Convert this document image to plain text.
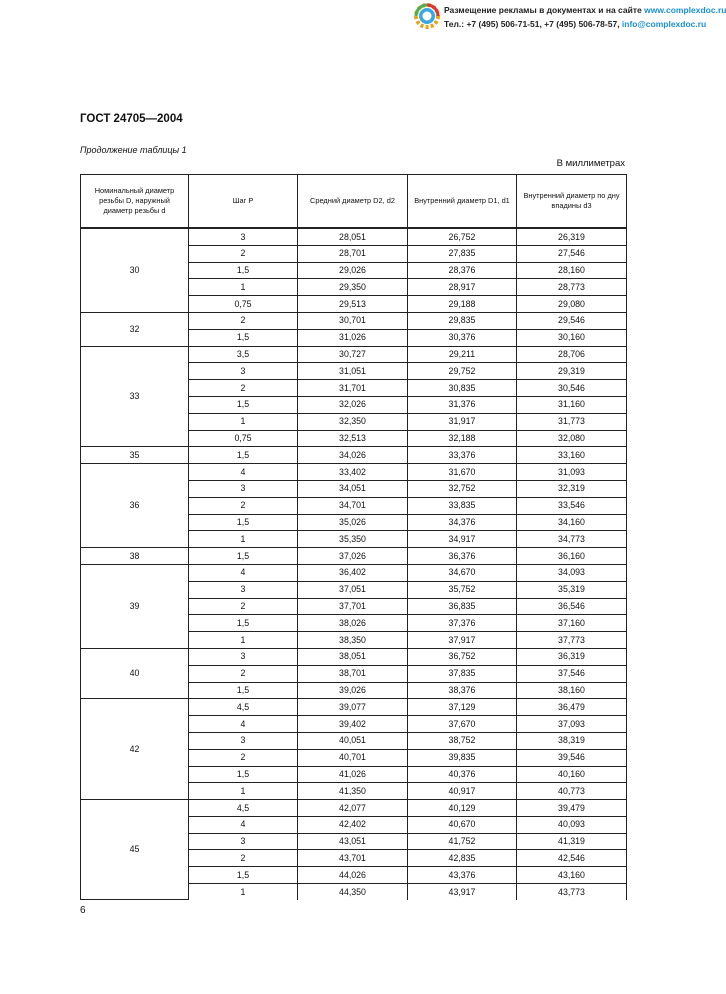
Размещение рекламы в документах и на сайте www.complexdoc.ru
Тел.: +7 (495) 506-71-51, +7 (495) 506-78-57, info@complexdoc.ru
ГОСТ 24705—2004
Продолжение таблицы 1
В миллиметрах
Номинальный диаметр резьбы D, наружный диаметр резьбы d	Шаг P	Средний диаметр D2, d2	Внутренний диаметр D1, d1	Внутренний диаметр по дну впадины d3
30	3	28,051	26,752	26,319
	2	28,701	27,835	27,546
	1,5	29,026	28,376	28,160
	1	29,350	28,917	28,773
	0,75	29,513	29,188	29,080
32	2	30,701	29,835	29,546
	1,5	31,026	30,376	30,160
33	3,5	30,727	29,211	28,706
	3	31,051	29,752	29,319
	2	31,701	30,835	30,546
	1,5	32,026	31,376	31,160
	1	32,350	31,917	31,773
	0,75	32,513	32,188	32,080
35	1,5	34,026	33,376	33,160
36	4	33,402	31,670	31,093
	3	34,051	32,752	32,319
	2	34,701	33,835	33,546
	1,5	35,026	34,376	34,160
	1	35,350	34,917	34,773
38	1,5	37,026	36,376	36,160
39	4	36,402	34,670	34,093
	3	37,051	35,752	35,319
	2	37,701	36,835	36,546
	1,5	38,026	37,376	37,160
	1	38,350	37,917	37,773
40	3	38,051	36,752	36,319
	2	38,701	37,835	37,546
	1,5	39,026	38,376	38,160
42	4,5	39,077	37,129	36,479
	4	39,402	37,670	37,093
	3	40,051	38,752	38,319
	2	40,701	39,835	39,546
	1,5	41,026	40,376	40,160
	1	41,350	40,917	40,773
45	4,5	42,077	40,129	39,479
	4	42,402	40,670	40,093
	3	43,051	41,752	41,319
	2	43,701	42,835	42,546
	1,5	44,026	43,376	43,160
	1	44,350	43,917	43,773
6
